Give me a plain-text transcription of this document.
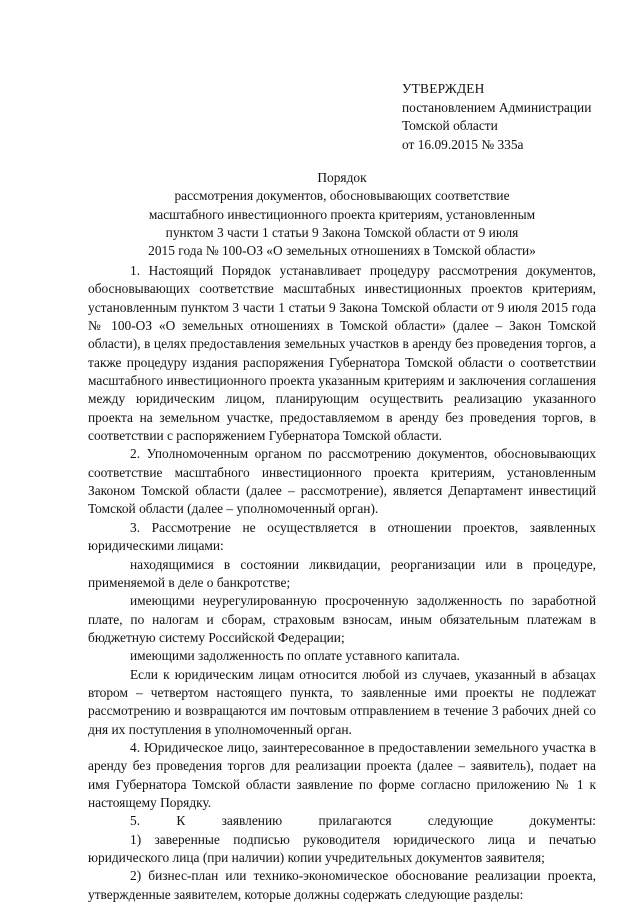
УТВЕРЖДЕН
постановлением Администрации
Томской области
от 16.09.2015 № 335а
Порядок
рассмотрения документов, обосновывающих соответствие
масштабного инвестиционного проекта критериям, установленным
пунктом 3 части 1 статьи 9 Закона Томской области от 9 июля
2015 года № 100-ОЗ «О земельных отношениях в Томской области»

1. Настоящий Порядок устанавливает процедуру рассмотрения документов, обосновывающих соответствие масштабных инвестиционных проектов критериям, установленным пунктом 3 части 1 статьи 9 Закона Томской области от 9 июля 2015 года № 100-ОЗ «О земельных отношениях в Томской области» (далее – Закон Томской области), в целях предоставления земельных участков в аренду без проведения торгов, а также процедуру издания распоряжения Губернатора Томской области о соответствии масштабного инвестиционного проекта указанным критериям и заключения соглашения между юридическим лицом, планирующим осуществить реализацию указанного проекта на земельном участке, предоставляемом в аренду без проведения торгов, в соответствии с распоряжением Губернатора Томской области.

2. Уполномоченным органом по рассмотрению документов, обосновывающих соответствие масштабного инвестиционного проекта критериям, установленным Законом Томской области (далее – рассмотрение), является Департамент инвестиций Томской области (далее – уполномоченный орган).

3. Рассмотрение не осуществляется в отношении проектов, заявленных юридическими лицами:

находящимися в состоянии ликвидации, реорганизации или в процедуре, применяемой в деле о банкротстве;

имеющими неурегулированную просроченную задолженность по заработной плате, по налогам и сборам, страховым взносам, иным обязательным платежам в бюджетную систему Российской Федерации;

имеющими задолженность по оплате уставного капитала.

Если к юридическим лицам относится любой из случаев, указанный в абзацах втором – четвертом настоящего пункта, то заявленные ими проекты не подлежат рассмотрению и возвращаются им почтовым отправлением в течение 3 рабочих дней со дня их поступления в уполномоченный орган.

4. Юридическое лицо, заинтересованное в предоставлении земельного участка в аренду без проведения торгов для реализации проекта (далее – заявитель), подает на имя Губернатора Томской области заявление по форме согласно приложению № 1 к настоящему Порядку.

5. К заявлению прилагаются следующие документы:

1) заверенные подписью руководителя юридического лица и печатью юридического лица (при наличии) копии учредительных документов заявителя;

2) бизнес-план или технико-экономическое обоснование реализации проекта, утвержденные заявителем, которые должны содержать следующие разделы:
